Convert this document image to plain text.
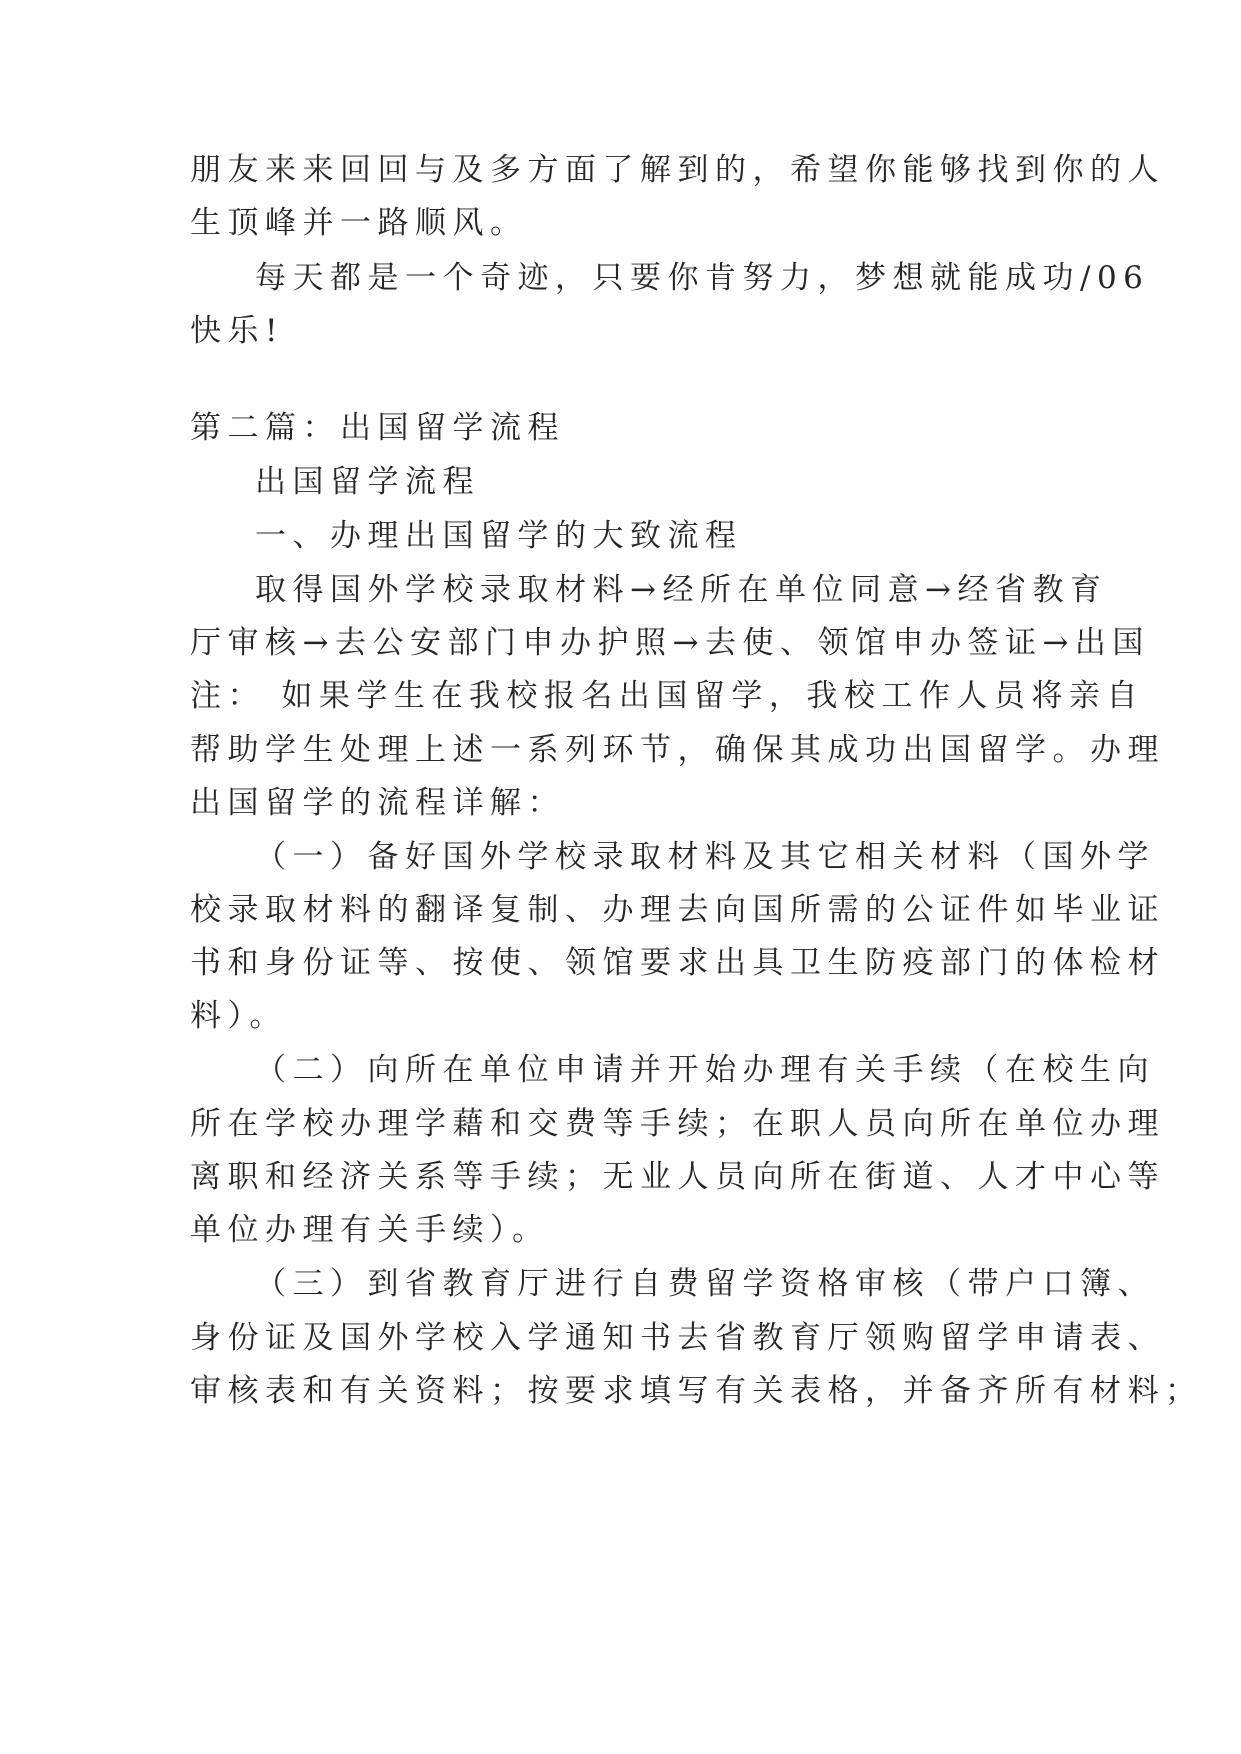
朋友来来回回与及多方面了解到的，希望你能够找到你的人
生顶峰并一路顺风。
每天都是一个奇迹，只要你肯努力，梦想就能成功/06
快乐!
第二篇：出国留学流程
出国留学流程
一、办理出国留学的大致流程
取得国外学校录取材料→经所在单位同意→经省教育
厅审核→去公安部门申办护照→去使、领馆申办签证→出国
注： 如果学生在我校报名出国留学，我校工作人员将亲自
帮助学生处理上述一系列环节，确保其成功出国留学。办理
出国留学的流程详解：
（一）备好国外学校录取材料及其它相关材料（国外学
校录取材料的翻译复制、办理去向国所需的公证件如毕业证
书和身份证等、按使、领馆要求出具卫生防疫部门的体检材
料）。
（二）向所在单位申请并开始办理有关手续（在校生向
所在学校办理学藉和交费等手续；在职人员向所在单位办理
离职和经济关系等手续；无业人员向所在街道、人才中心等
单位办理有关手续）。
（三）到省教育厅进行自费留学资格审核（带户口簿、
身份证及国外学校入学通知书去省教育厅领购留学申请表、
审核表和有关资料；按要求填写有关表格，并备齐所有材料；
